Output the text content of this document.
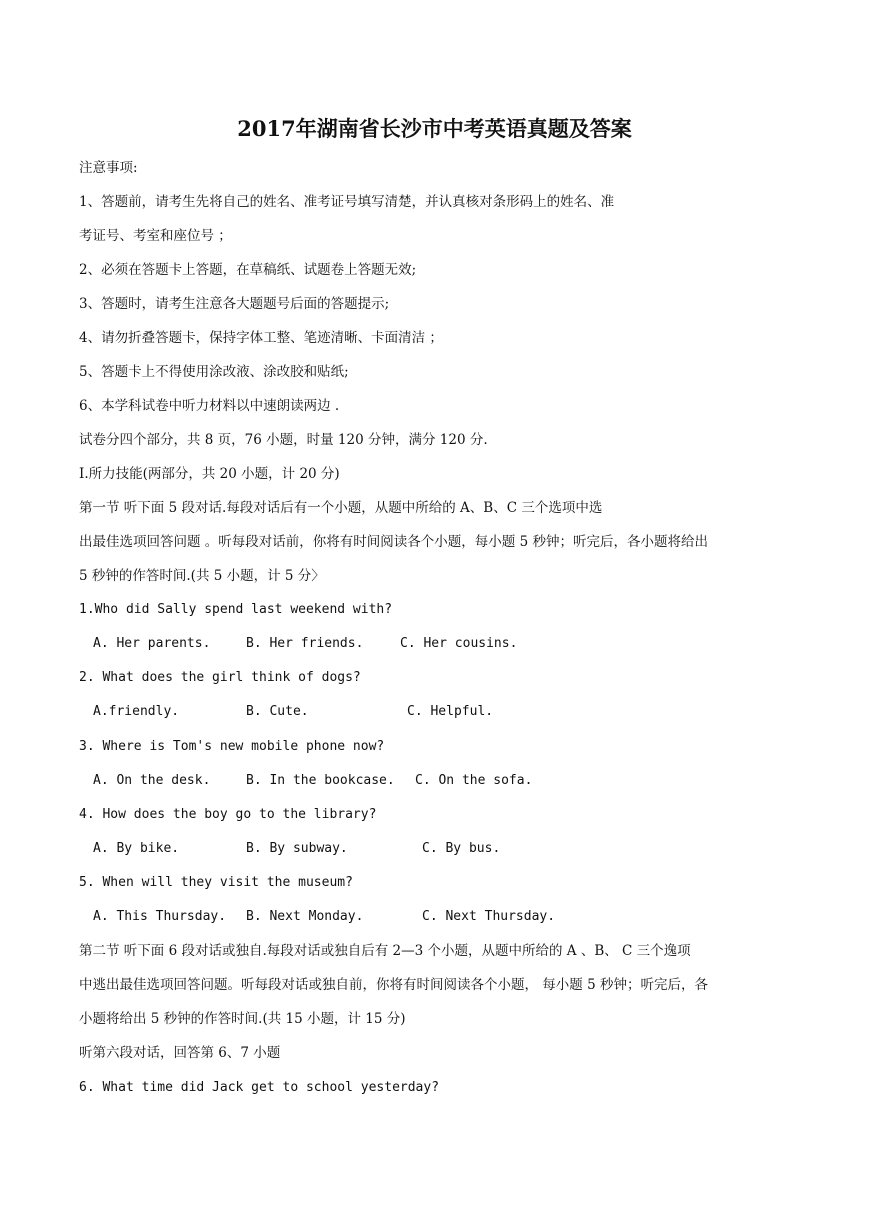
2017年湖南省长沙市中考英语真题及答案
注意事项:
1、答题前，请考生先将自己的姓名、准考证号填写清楚，并认真核对条形码上的姓名、准
考证号、考室和座位号 ；
2、必须在答题卡上答题，在草稿纸、试题卷上答题无效;
3、答题时，请考生注意各大题题号后面的答题提示;
4、请勿折叠答题卡，保持字体工整、笔迹清晰、卡面清洁 ；
5、答题卡上不得使用涂改液、涂改胶和贴纸;
6、本学科试卷中听力材料以中速朗读两边 .
试卷分四个部分，共 8 页，76 小题，时量 120 分钟，满分 120 分.
Ⅰ.所力技能(两部分，共 20 小题，计 20 分)
第一节 听下面 5 段对话.每段对话后有一个小题，从题中所给的 A、B、C 三个选项中选
出最佳选项回答问题 。听每段对话前，你将有时间阅读各个小题，每小题 5 秒钟；听完后，各小题将给出
5 秒钟的作答时间.(共 5 小题，计 5 分〉
1.Who did Sally spend last weekend with?
A. Her parents.	B. Her friends.	C. Her cousins.
2. What does the girl think of dogs?
A.friendly.	B. Cute.	C. Helpful.
3. Where is Tom's new mobile phone now?
A. On the desk.	B. In the bookcase. C. On the sofa.
4. How does the boy go to the library?
A. By bike.	B. By subway.	C. By bus.
5. When will they visit the museum?
A. This Thursday. B. Next Monday.	C. Next Thursday.
第二节 听下面 6 段对话或独自.每段对话或独自后有 2—3 个小题，从题中所给的 A 、B、 C 三个逸项
中逃出最佳选项回答问题。听每段对话或独自前，你将有时间阅读各个小题， 每小题 5 秒钟；听完后，各
小题将给出 5 秒钟的作答时间.(共 15 小题，计 15 分)
听第六段对话，回答第 6、7 小题
6. What time did Jack get to school yesterday?
